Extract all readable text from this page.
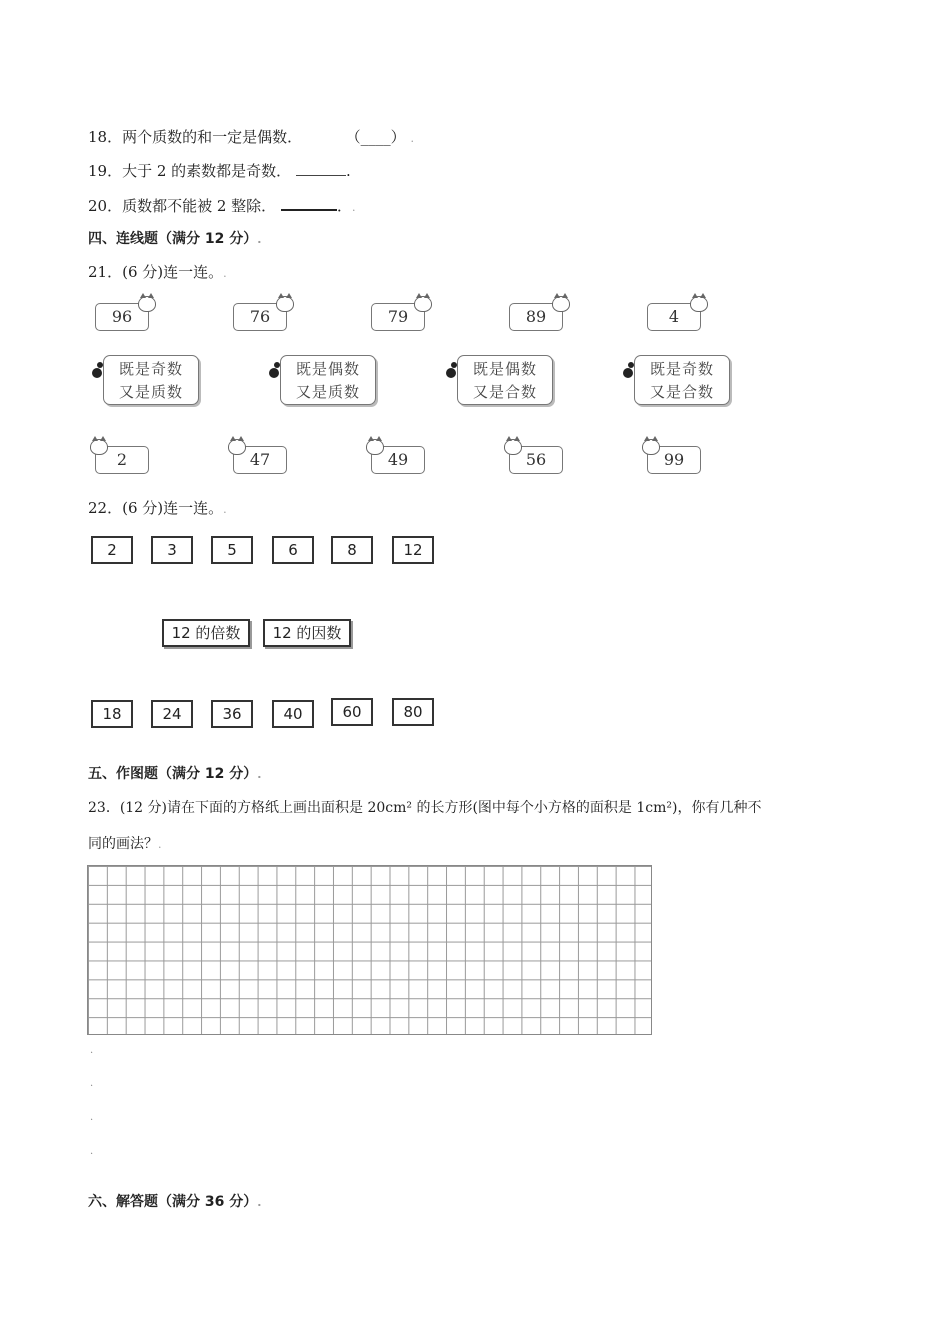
18．两个质数的和一定是偶数．	（____） .
19．大于 2 的素数都是奇数．	.
20．质数都不能被 2 整除．	．.
四、连线题（满分 12 分）.
21．(6 分)连一连。.
96	76	79	89	4
既是奇数
又是质数
既是偶数
又是质数
既是偶数
又是合数
既是奇数
又是合数
2	47	49	56	99
22．(6 分)连一连。.
2	3	5	6	8	12
12 的倍数	12 的因数
18	24	36	40	60	80
五、作图题（满分 12 分）.
23．(12 分)请在下面的方格纸上画出面积是 20cm² 的长方形(图中每个小方格的面积是 1cm²)，你有几种不
同的画法？.
.
.
.
.
六、解答题（满分 36 分）.
